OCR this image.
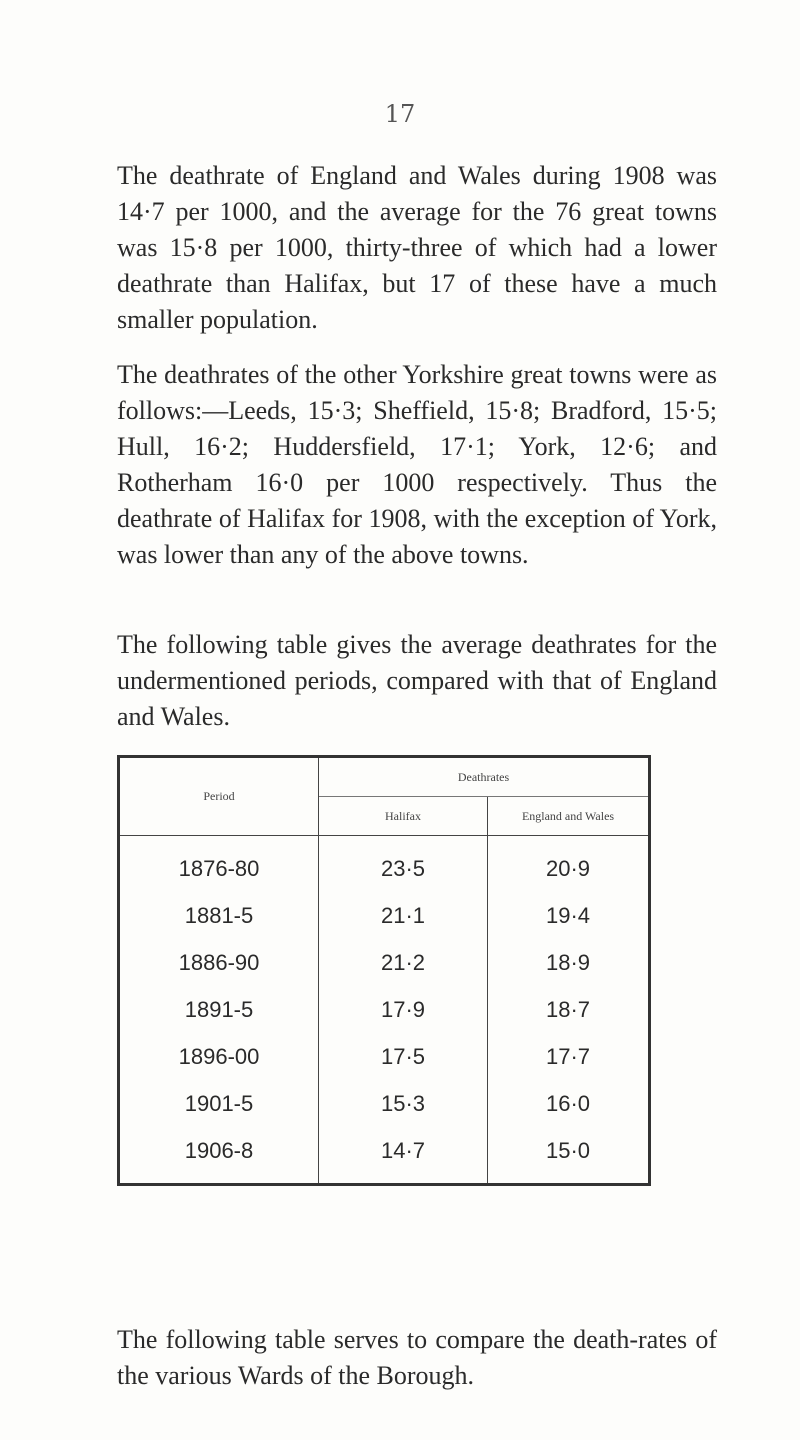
17

The deathrate of England and Wales during 1908 was 14·7 per 1000, and the average for the 76 great towns was 15·8 per 1000, thirty-three of which had a lower deathrate than Halifax, but 17 of these have a much smaller population.

The deathrates of the other Yorkshire great towns were as follows:—Leeds, 15·3; Sheffield, 15·8; Bradford, 15·5; Hull, 16·2; Huddersfield, 17·1; York, 12·6; and Rotherham 16·0 per 1000 respectively. Thus the deathrate of Halifax for 1908, with the exception of York, was lower than any of the above towns.

The following table gives the average deathrates for the undermentioned periods, compared with that of England and Wales.

Period	Deathrates	
	Halifax	England and Wales
1876-80	23·5	20·9
1881-5	21·1	19·4
1886-90	21·2	18·9
1891-5	17·9	18·7
1896-00	17·5	17·7
1901-5	15·3	16·0
1906-8	14·7	15·0

The following table serves to compare the death-rates of the various Wards of the Borough.
